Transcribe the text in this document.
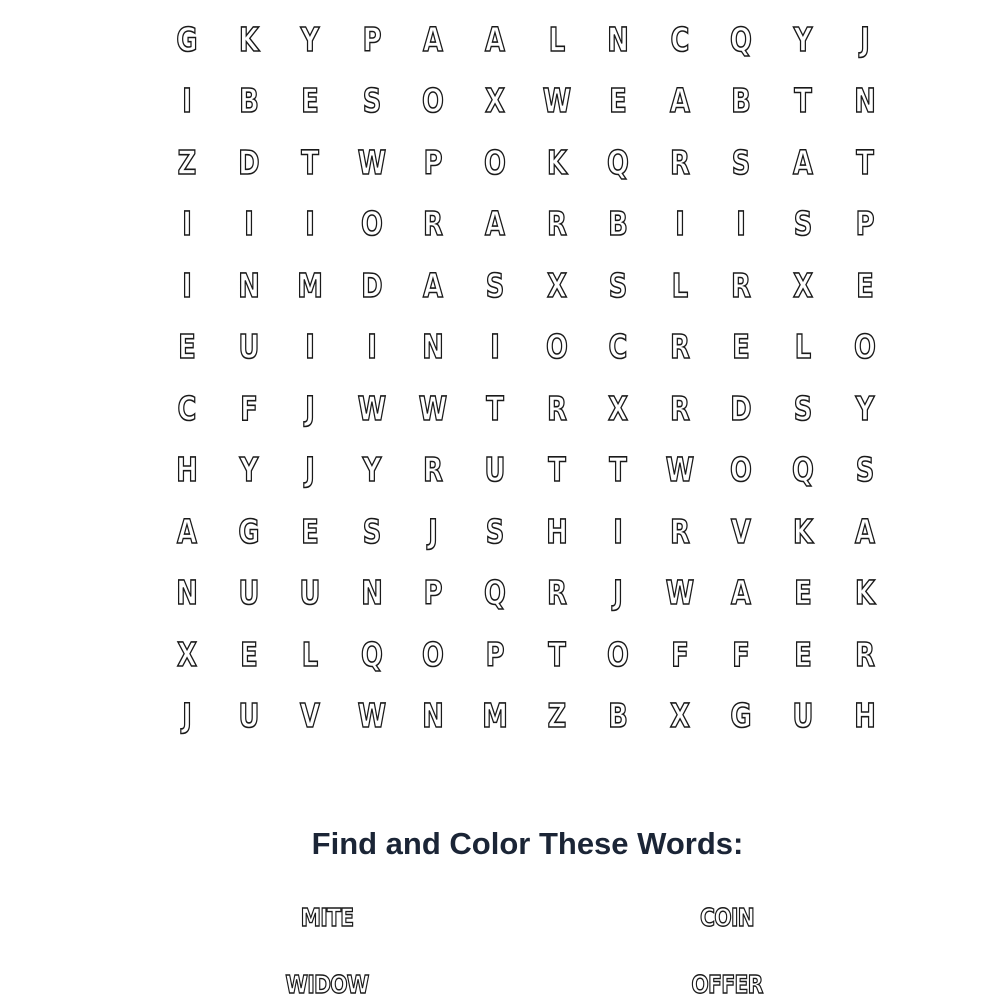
G K Y P A A L N C Q Y	J
I	B E S O X W E A B T N
Z D T W P O K Q R S A T
I	I	I	O R A R B	I	I	S P
I	N M D A S X S L R X E
E U	I	I	N	I	O C R E L O
C F	J	W W T R X R D S Y
H Y	J	Y R U T T W O Q S
A G E S	J	S H	I	R V K A
N U U N P Q R	J	W A E K
X E L Q O P T O F F E R
J	U V W N M Z B X G U H
Find and Color These Words:
MITE	COIN
WIDOW	OFFER
